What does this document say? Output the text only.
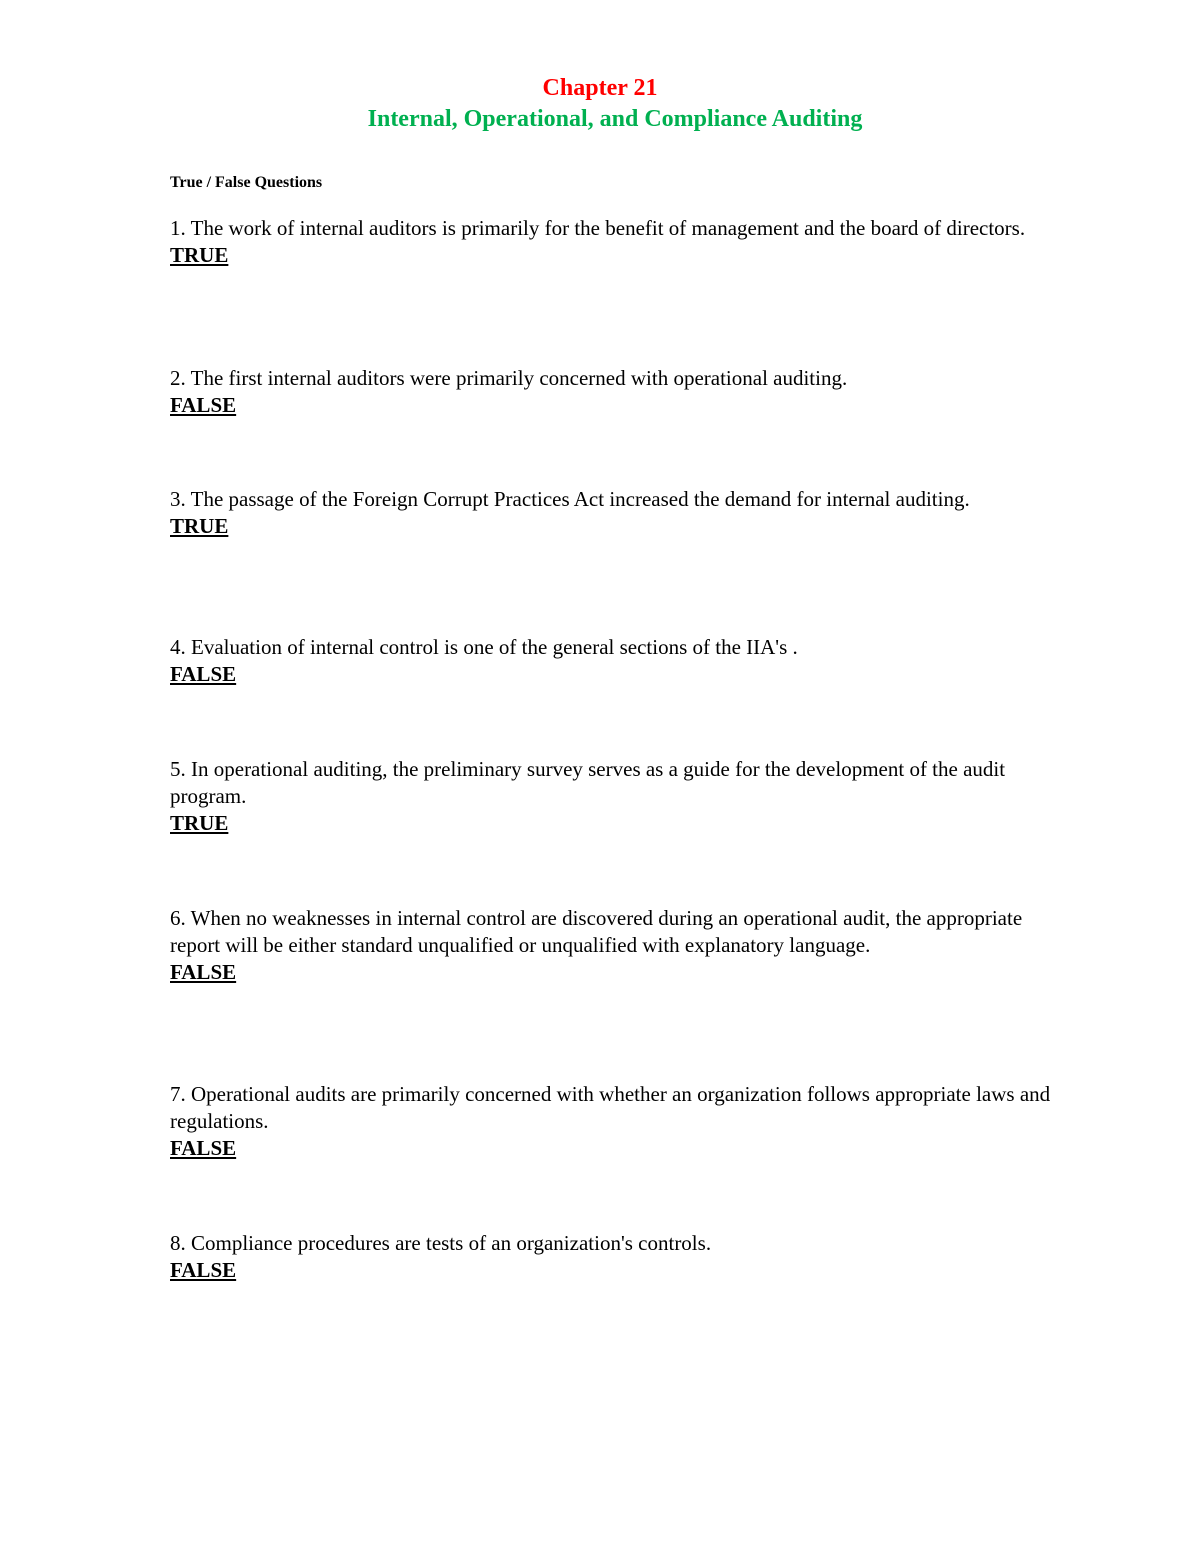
Chapter 21
Internal, Operational, and Compliance Auditing
True / False Questions
1. The work of internal auditors is primarily for the benefit of management and the board of directors.
TRUE
2. The first internal auditors were primarily concerned with operational auditing.
FALSE
3. The passage of the Foreign Corrupt Practices Act increased the demand for internal auditing.
TRUE
4. Evaluation of internal control is one of the general sections of the IIA's .
FALSE
5. In operational auditing, the preliminary survey serves as a guide for the development of the audit program.
TRUE
6. When no weaknesses in internal control are discovered during an operational audit, the appropriate report will be either standard unqualified or unqualified with explanatory language.
FALSE
7. Operational audits are primarily concerned with whether an organization follows appropriate laws and regulations.
FALSE
8. Compliance procedures are tests of an organization's controls.
FALSE
